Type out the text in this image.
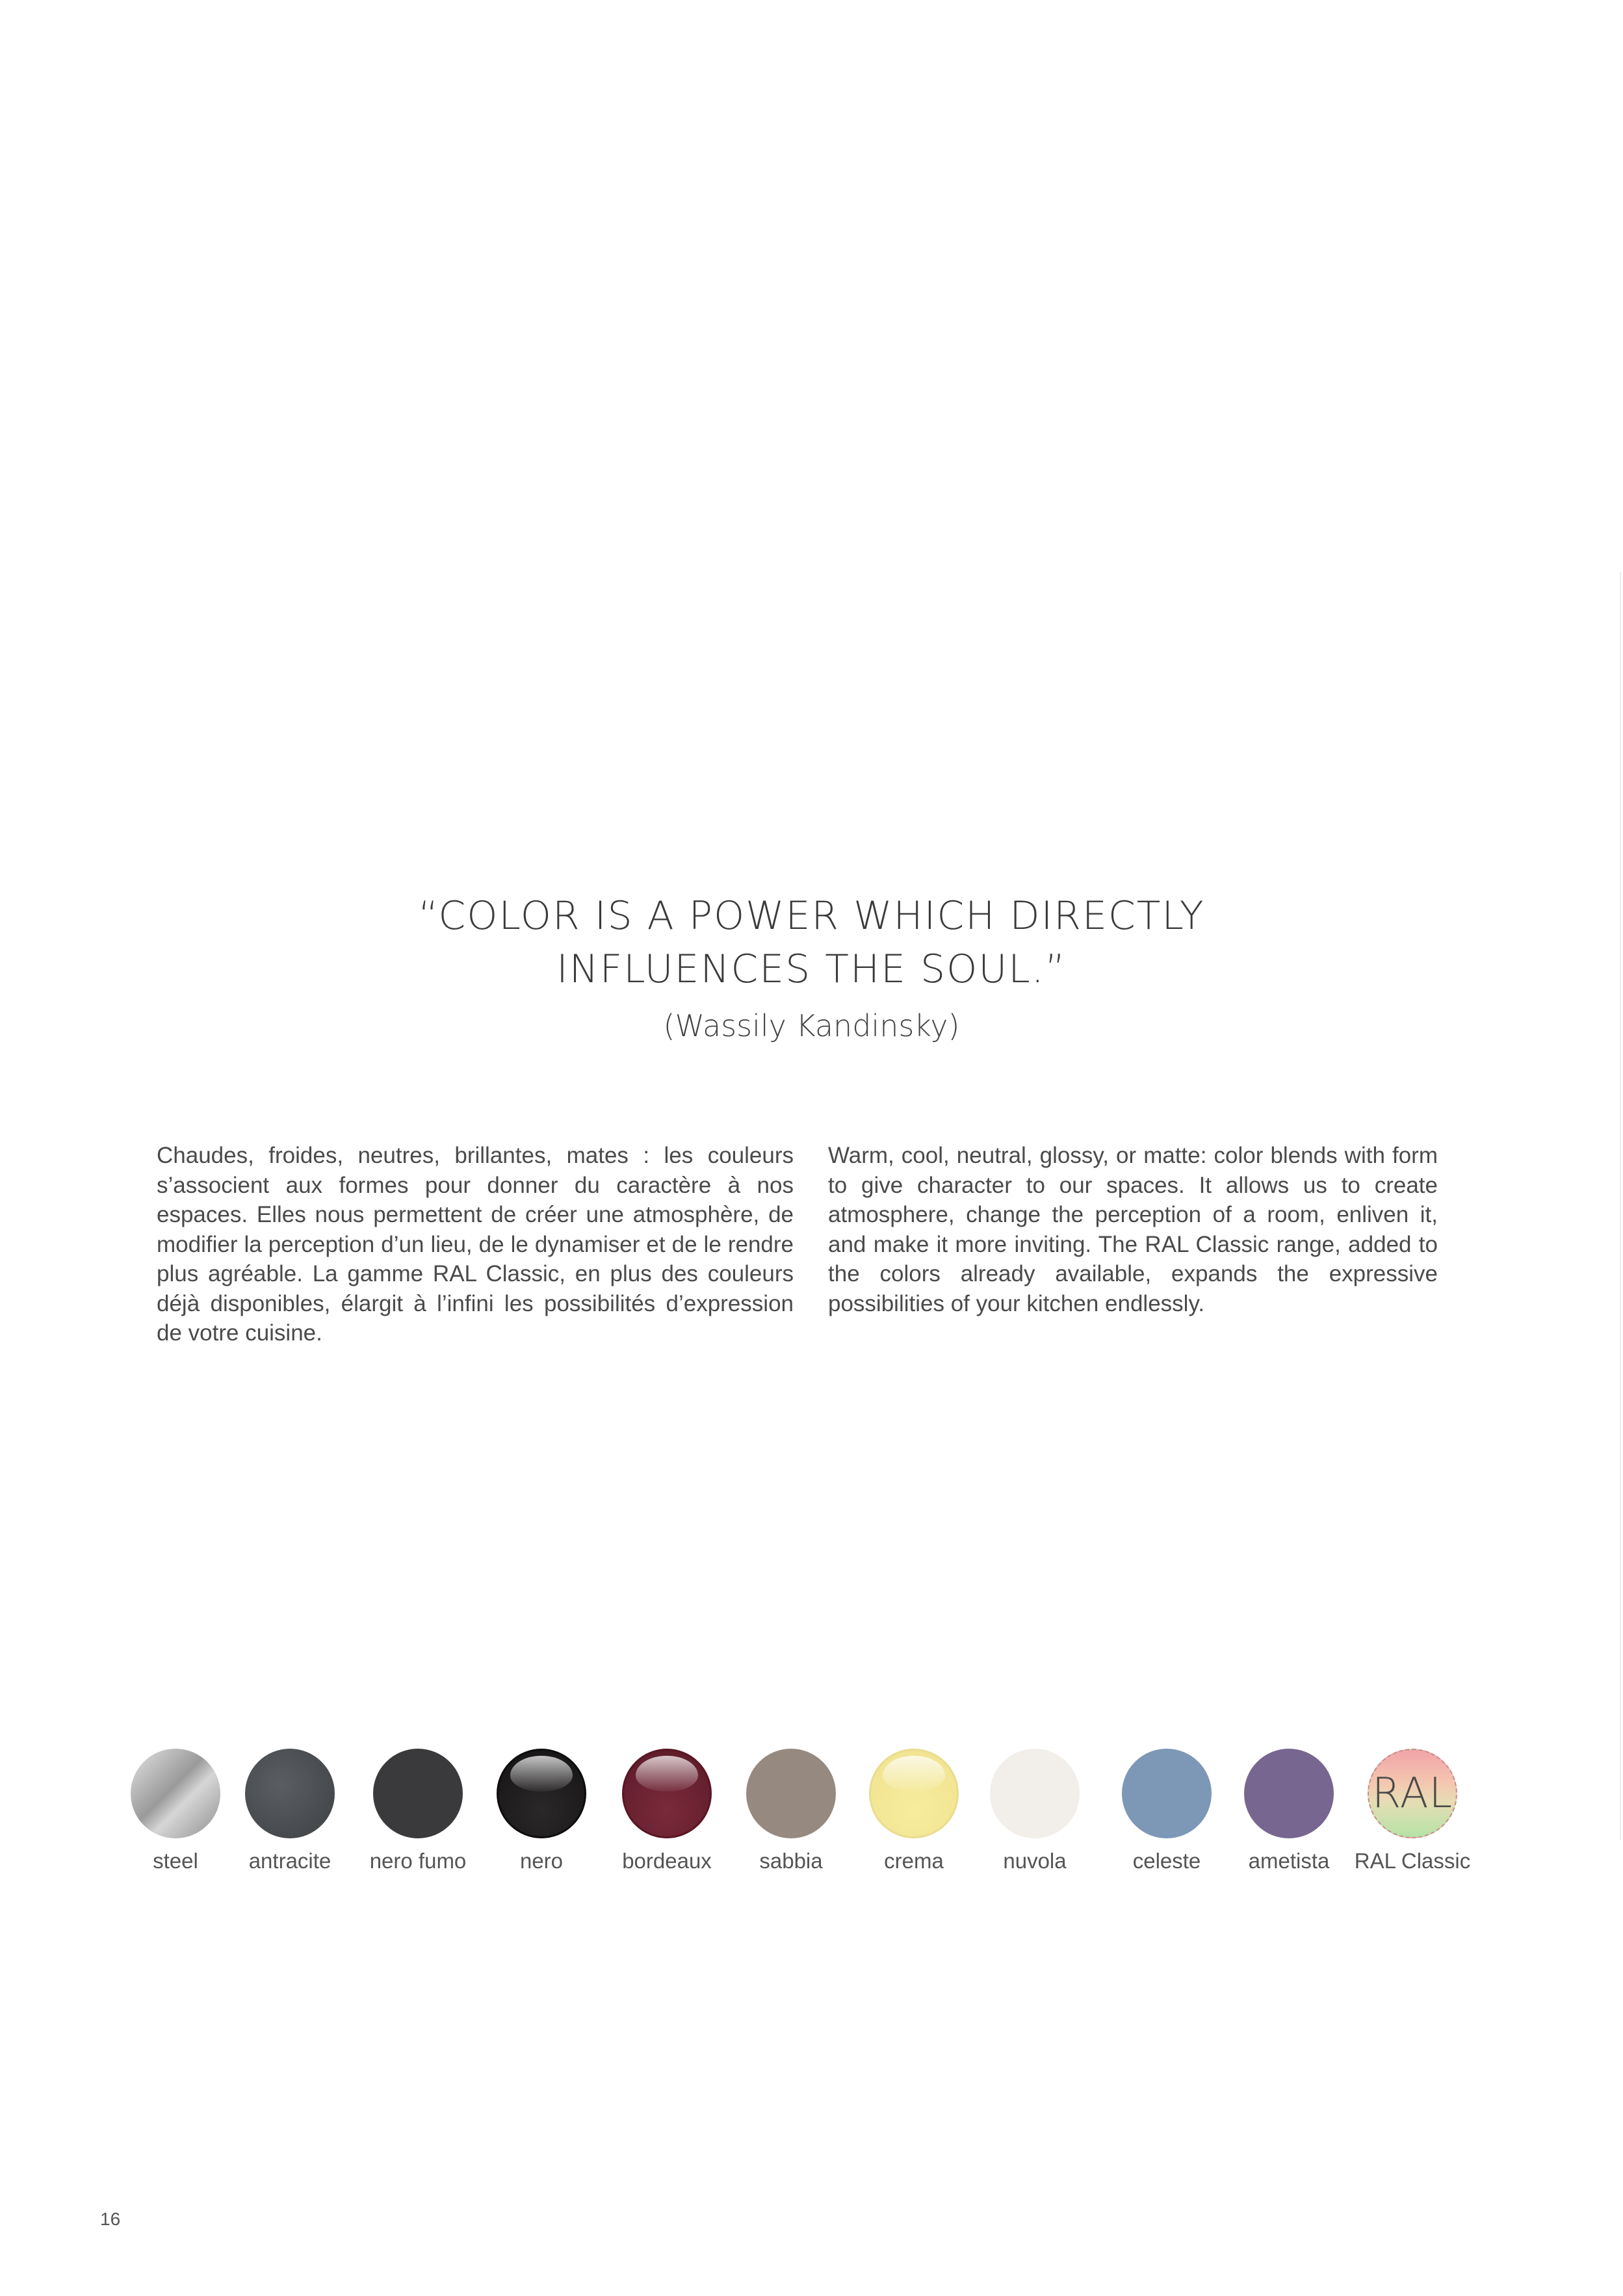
“COLOR IS A POWER WHICH DIRECTLY
INFLUENCES THE SOUL.”
(Wassily Kandinsky)
Chaudes, froides, neutres, brillantes, mates : les couleurs s’associent aux formes pour donner du caractère à nos espaces. Elles nous permettent de créer une atmosphère, de modifier la perception d’un lieu, de le dynamiser et de le rendre plus agréable. La gamme RAL Classic, en plus des couleurs déjà disponibles, élargit à l’infini les possibilités d’expression de votre cuisine.
Warm, cool, neutral, glossy, or matte: color blends with form to give character to our spaces. It allows us to create atmosphere, change the perception of a room, enliven it, and make it more inviting. The RAL Classic range, added to the colors already available, expands the expressive possibilities of your kitchen endlessly.
steel	antracite	nero fumo	nero	bordeaux	sabbia	crema	nuvola	celeste	ametista
RAL
RAL Classic
16
